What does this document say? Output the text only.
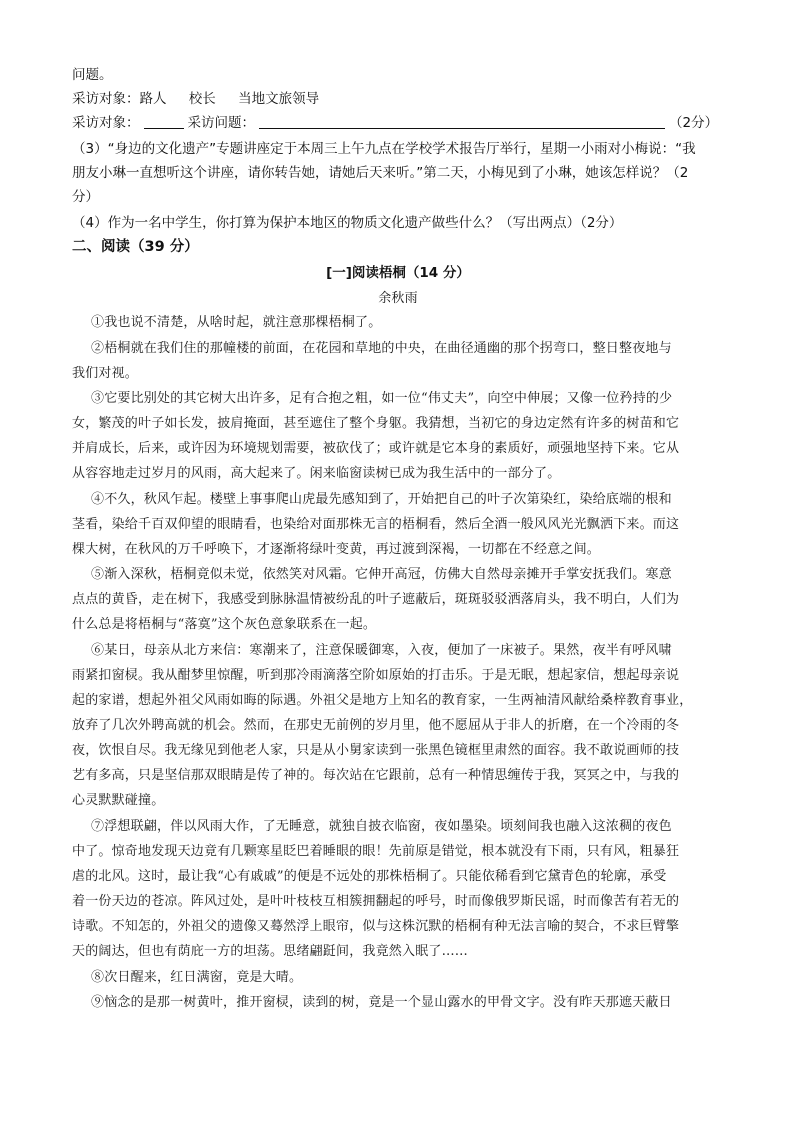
问题。
采访对象：路人 校长 当地文旅领导
采访对象：	采访问题：	（2分）
（3）“身边的文化遗产”专题讲座定于本周三上午九点在学校学术报告厅举行，星期一小雨对小梅说：“我
朋友小琳一直想听这个讲座，请你转告她，请她后天来听。”第二天，小梅见到了小琳，她该怎样说？（2
分）
（4）作为一名中学生，你打算为保护本地区的物质文化遗产做些什么？（写出两点）（2分）
二、阅读（39 分）
[一]阅读梧桐（14 分）
余秋雨
①我也说不清楚，从啥时起，就注意那棵梧桐了。
②梧桐就在我们住的那幢楼的前面，在花园和草地的中央，在曲径通幽的那个拐弯口，整日整夜地与
我们对视。
③它要比别处的其它树大出许多，足有合抱之粗，如一位“伟丈夫”，向空中伸展；又像一位矜持的少
女，繁茂的叶子如长发，披肩掩面，甚至遮住了整个身躯。我猜想，当初它的身边定然有许多的树苗和它
并肩成长，后来，或许因为环境规划需要，被砍伐了；或许就是它本身的素质好，顽强地坚持下来。它从
从容容地走过岁月的风雨，高大起来了。闲来临窗读树已成为我生活中的一部分了。
④不久，秋风乍起。楼壁上事事爬山虎最先感知到了，开始把自己的叶子次第染红，染给底端的根和
茎看，染给千百双仰望的眼睛看，也染给对面那株无言的梧桐看，然后全酒一般风风光光飘洒下来。而这
棵大树，在秋风的万千呼唤下，才逐渐将绿叶变黄，再过渡到深褐，一切都在不经意之间。
⑤渐入深秋，梧桐竟似未觉，依然笑对风霜。它伸开高冠，仿佛大自然母亲摊开手掌安抚我们。寒意
点点的黄昏，走在树下，我感受到脉脉温情被纷乱的叶子遮蔽后，斑斑驳驳洒落肩头，我不明白，人们为
什么总是将梧桐与“落寞”这个灰色意象联系在一起。
⑥某日，母亲从北方来信：寒潮来了，注意保暖御寒，入夜，便加了一床被子。果然，夜半有呼风啸
雨紧扣窗棂。我从酣梦里惊醒，听到那冷雨滴落空阶如原始的打击乐。于是无眠，想起家信，想起母亲说
起的家谱，想起外祖父风雨如晦的际遇。外祖父是地方上知名的教育家，一生两袖清风献给桑梓教育事业，
放弃了几次外聘高就的机会。然而，在那史无前例的岁月里，他不愿屈从于非人的折磨，在一个冷雨的冬
夜，饮恨自尽。我无缘见到他老人家，只是从小舅家读到一张黑色镜框里肃然的面容。我不敢说画师的技
艺有多高，只是坚信那双眼睛是传了神的。每次站在它跟前，总有一种情思缠传于我，冥冥之中，与我的
心灵默默碰撞。
⑦浮想联翩，伴以风雨大作，了无睡意，就独自披衣临窗，夜如墨染。顷刻间我也融入这浓稠的夜色
中了。惊奇地发现天边竟有几颗寒星眨巴着睡眼的眼！先前原是错觉，根本就没有下雨，只有风，粗暴狂
虐的北风。这时，最让我“心有戚戚”的便是不远处的那株梧桐了。只能依稀看到它黛青色的轮廓，承受
着一份天边的苍凉。阵风过处，是叶叶枝枝互相簇拥翻起的呼号，时而像俄罗斯民谣，时而像苦有若无的
诗歌。不知怎的，外祖父的遗像又蓦然浮上眼帘，似与这株沉默的梧桐有种无法言喻的契合，不求巨臂擎
天的阔达，但也有荫庇一方的坦荡。思绪翩跹间，我竟然入眠了……
⑧次日醒来，红日满窗，竟是大晴。
⑨恼念的是那一树黄叶，推开窗棂，读到的树，竟是一个显山露水的甲骨文字。没有昨天那遮天蔽日
